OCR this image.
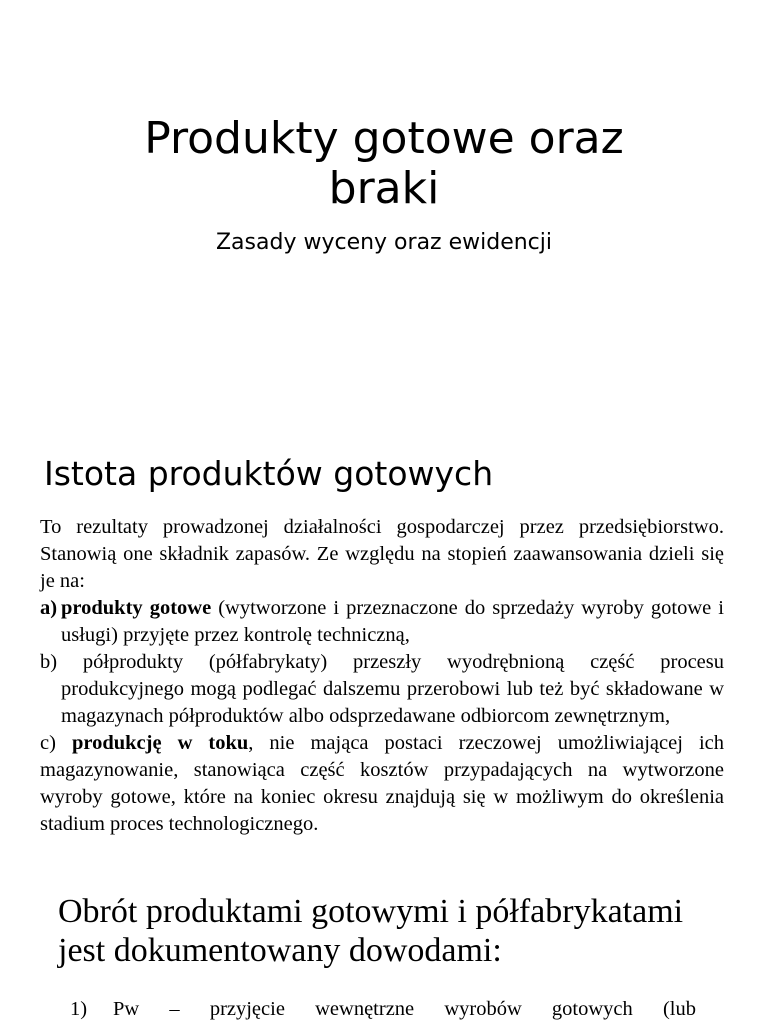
Produkty gotowe oraz braki
Zasady wyceny oraz ewidencji
Istota produktów gotowych

To rezultaty prowadzonej działalności gospodarczej przez przedsiębiorstwo. Stanowią one składnik zapasów. Ze względu na stopień zaawansowania dzieli się je na:

a) produkty gotowe (wytworzone i przeznaczone do sprzedaży wyroby gotowe i usługi) przyjęte przez kontrolę techniczną,

b) półprodukty (półfabrykaty) przeszły wyodrębnioną część procesu produkcyjnego mogą podlegać dalszemu przerobowi lub też być składowane w magazynach półproduktów albo odsprzedawane odbiorcom zewnętrznym,

c) produkcję w toku, nie mająca postaci rzeczowej umożliwiającej ich magazynowanie, stanowiąca część kosztów przypadających na wytworzone wyroby gotowe, które na koniec okresu znajdują się w możliwym do określenia stadium proces technologicznego.

Obrót produktami gotowymi i półfabrykatami jest dokumentowany dowodami:
1)	Pw – przyjęcie wewnętrzne wyrobów gotowych (lub
